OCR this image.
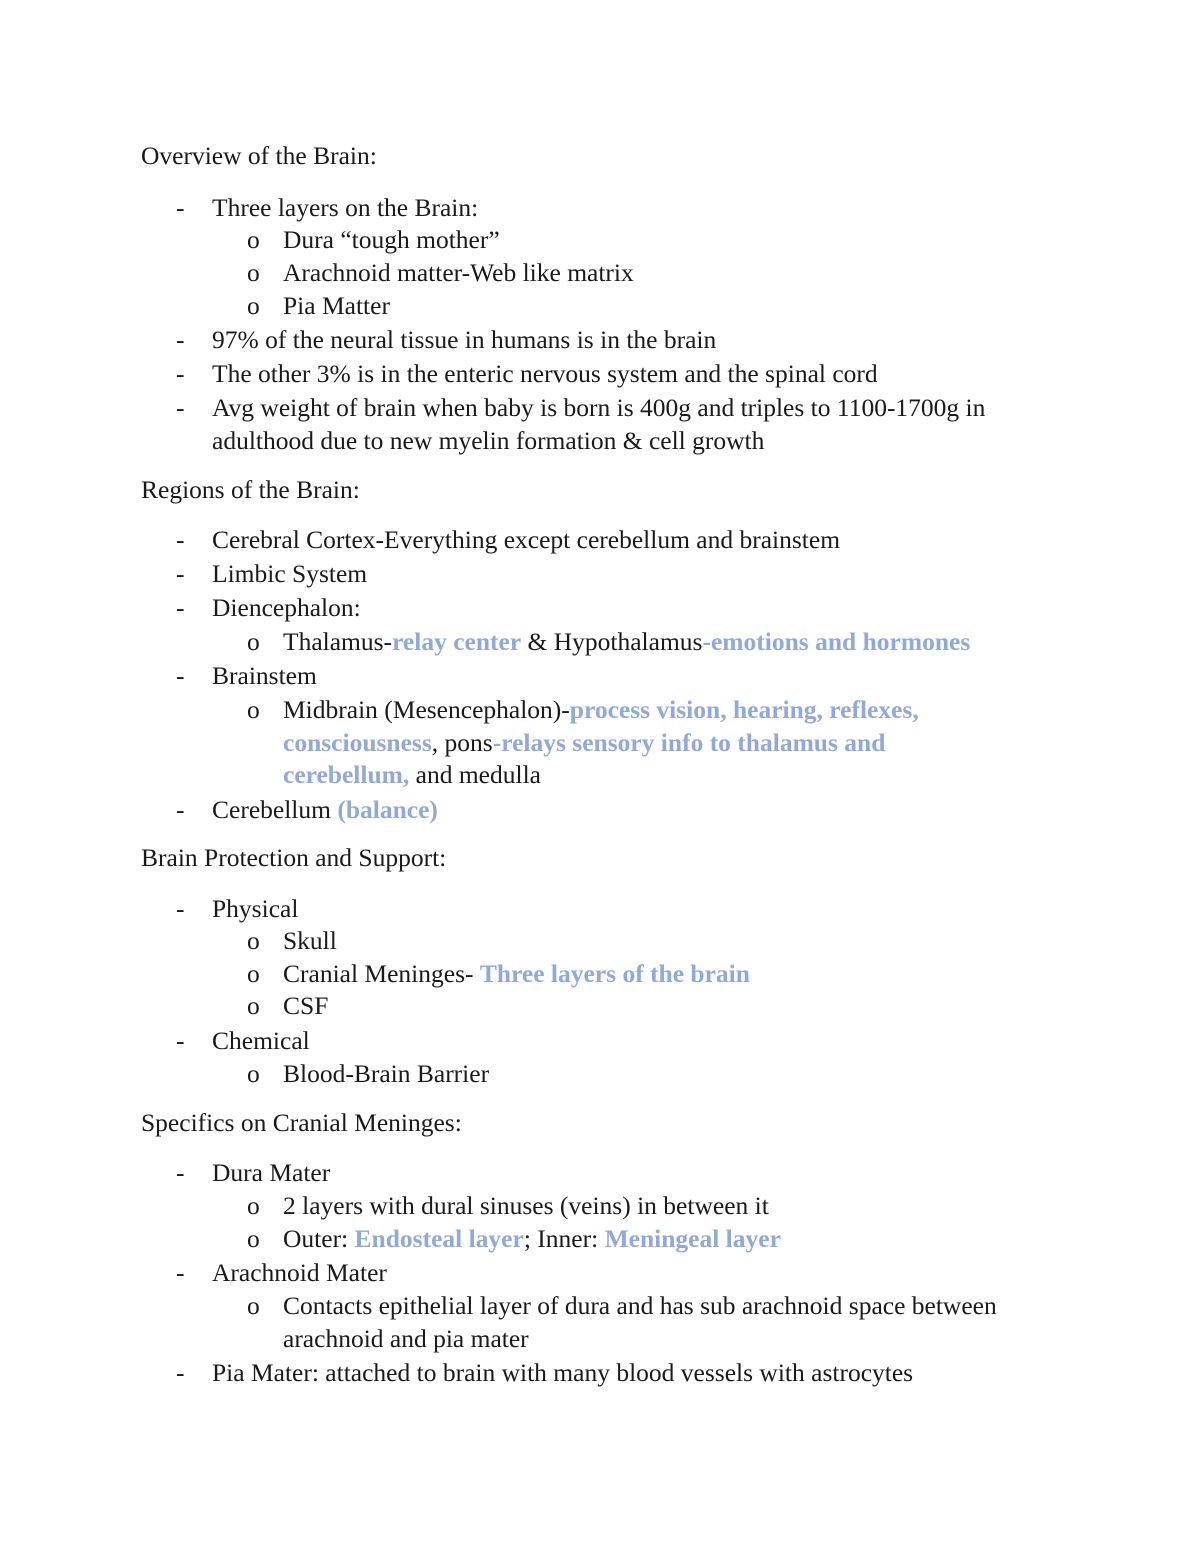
Overview of the Brain:
- Three layers on the Brain:
o Dura “tough mother”
o Arachnoid matter-Web like matrix
o Pia Matter
- 97% of the neural tissue in humans is in the brain
- The other 3% is in the enteric nervous system and the spinal cord
- Avg weight of brain when baby is born is 400g and triples to 1100-1700g in
adulthood due to new myelin formation & cell growth
Regions of the Brain:
- Cerebral Cortex-Everything except cerebellum and brainstem
- Limbic System
- Diencephalon:
o Thalamus-relay center & Hypothalamus-emotions and hormones
- Brainstem
o Midbrain (Mesencephalon)-process vision, hearing, reflexes,
consciousness, pons-relays sensory info to thalamus and
cerebellum, and medulla
- Cerebellum (balance)
Brain Protection and Support:
- Physical
o Skull
o Cranial Meninges- Three layers of the brain
o CSF
- Chemical
o Blood-Brain Barrier
Specifics on Cranial Meninges:
- Dura Mater
o 2 layers with dural sinuses (veins) in between it
o Outer: Endosteal layer; Inner: Meningeal layer
- Arachnoid Mater
o Contacts epithelial layer of dura and has sub arachnoid space between
arachnoid and pia mater
- Pia Mater: attached to brain with many blood vessels with astrocytes
